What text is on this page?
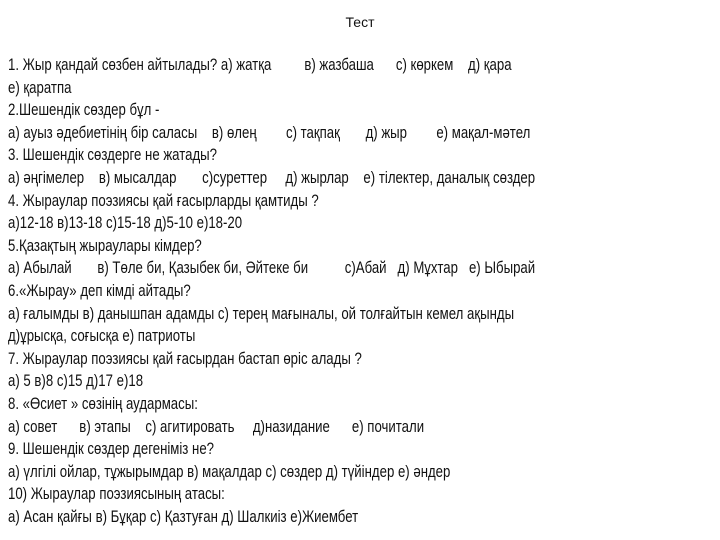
Тест
1. Жыр қандай сөзбен айтылады? а) жатқа         в) жазбаша      с) көркем    д) қара
е) қаратпа
2.Шешендік сөздер бұл -
а) ауыз әдебиетінің бір саласы    в) өлең        с) тақпақ       д) жыр        е) мақал-мәтел
3. Шешендік сөздерге не жатады?
а) әңгімелер    в) мысалдар       с)суреттер     д) жырлар    е) тілектер, даналық сөздер
4. Жыраулар поэзиясы қай ғасырларды қамтиды ?
а)12-18 в)13-18 с)15-18 д)5-10 е)18-20
5.Қазақтың жыраулары кімдер?
а) Абылай       в) Төле би, Қазыбек би, Әйтеке би          с)Абай   д) Мұхтар   е) Ыбырай
6.«Жырау» деп кімді айтады?
а) ғалымды в) данышпан адамды с) терең мағыналы, ой толғайтын кемел ақынды
д)ұрысқа, соғысқа е) патриоты
7. Жыраулар поэзиясы қай ғасырдан бастап өріс алады ?
а) 5 в)8 с)15 д)17 е)18
8. «Өсиет » сөзінің аудармасы:
а) совет      в) этапы    с) агитировать     д)назидание      е) почитали
9. Шешендік сөздер дегеніміз не?
а) үлгілі ойлар, тұжырымдар в) мақалдар с) сөздер д) түйіндер е) әндер
10) Жыраулар поэзиясының атасы:
а) Асан қайғы в) Бұқар с) Қазтуған д) Шалкиіз е)Жиембет
